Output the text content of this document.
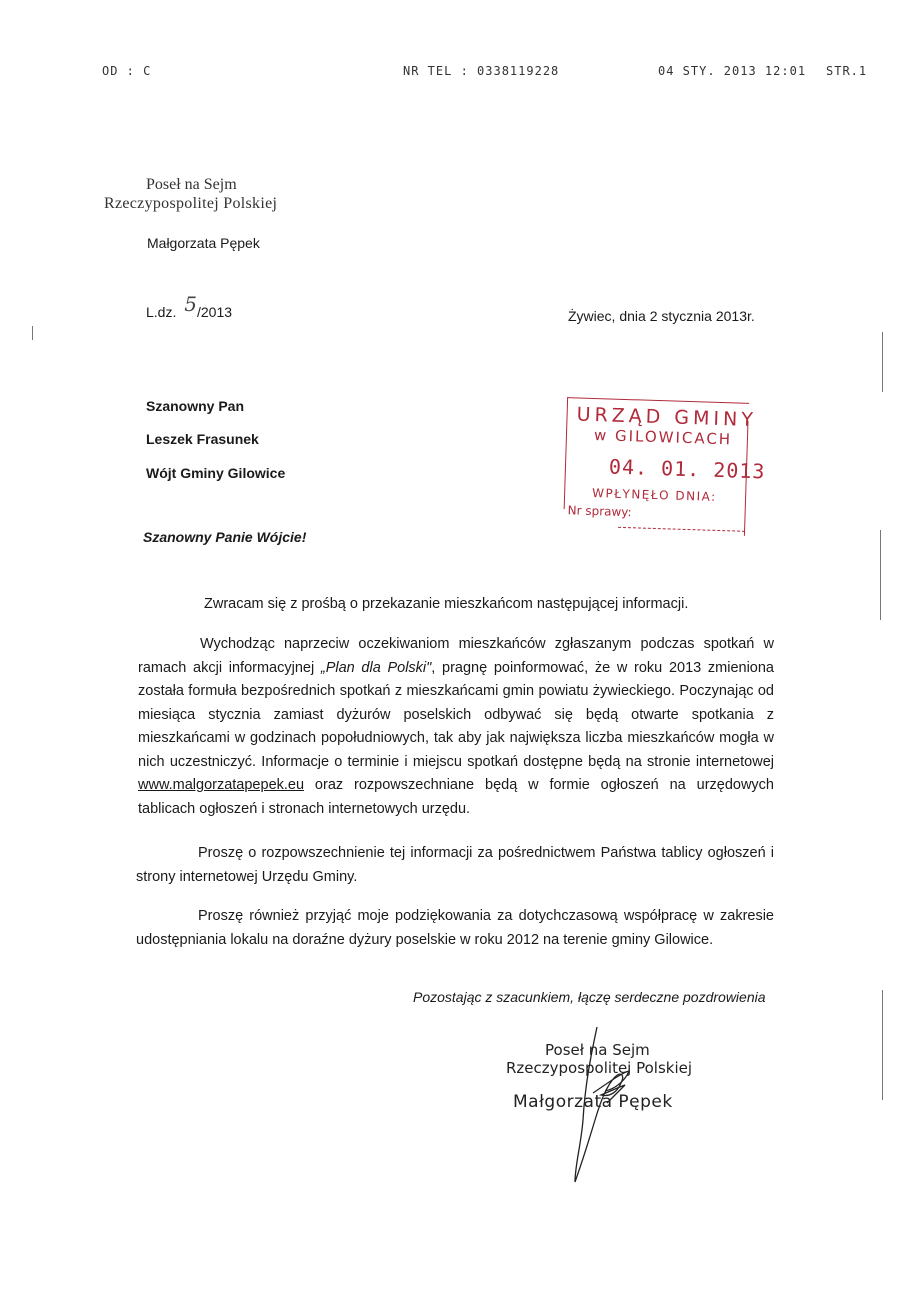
OD : C	NR TEL : 0338119228	04 STY. 2013 12:01 STR.1
Poseł na Sejm
Rzeczypospolitej Polskiej
Małgorzata Pępek
L.dz. 5/2013	Żywiec, dnia 2 stycznia 2013r.
Szanowny Pan
Leszek Frasunek
Wójt Gminy Gilowice
URZĄD GMINY
w GILOWICACH
04. 01. 2013
WPŁYNĘŁO DNIA:
Nr sprawy:
Szanowny Panie Wójcie!
Zwracam się z prośbą o przekazanie mieszkańcom następującej informacji.
Wychodząc naprzeciw oczekiwaniom mieszkańców zgłaszanym podczas spotkań w ramach akcji informacyjnej „Plan dla Polski", pragnę poinformować, że w roku 2013 zmieniona została formuła bezpośrednich spotkań z mieszkańcami gmin powiatu żywieckiego. Poczynając od miesiąca stycznia zamiast dyżurów poselskich odbywać się będą otwarte spotkania z mieszkańcami w godzinach popołudniowych, tak aby jak największa liczba mieszkańców mogła w nich uczestniczyć. Informacje o terminie i miejscu spotkań dostępne będą na stronie internetowej www.malgorzatapepek.eu oraz rozpowszechniane będą w formie ogłoszeń na urzędowych tablicach ogłoszeń i stronach internetowych urzędu.
Proszę o rozpowszechnienie tej informacji za pośrednictwem Państwa tablicy ogłoszeń i strony internetowej Urzędu Gminy.
Proszę również przyjąć moje podziękowania za dotychczasową współpracę w zakresie udostępniania lokalu na doraźne dyżury poselskie w roku 2012 na terenie gminy Gilowice.
Pozostając z szacunkiem, łączę serdeczne pozdrowienia
Poseł na Sejm
Rzeczypospolitej Polskiej
Małgorzata Pępek
